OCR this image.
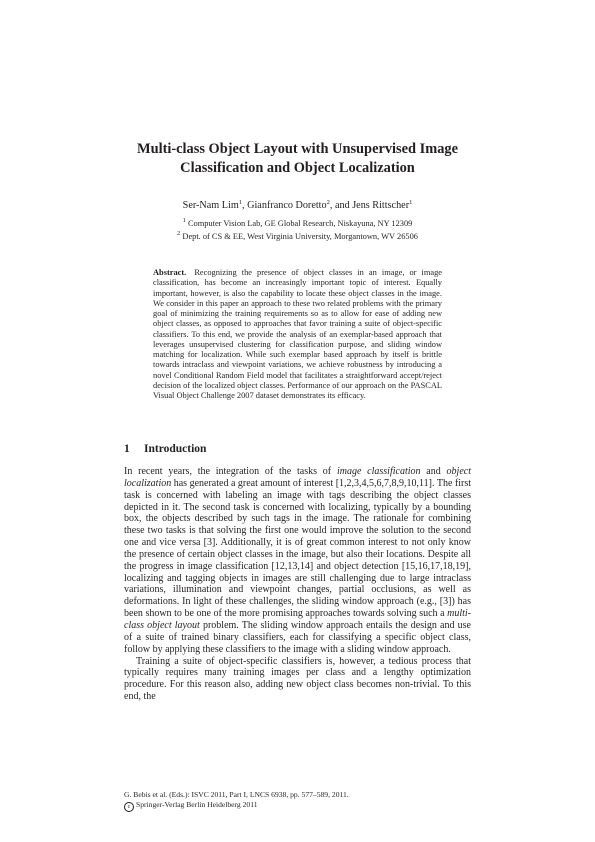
Multi-class Object Layout with Unsupervised Image
Classification and Object Localization
Ser-Nam Lim$^1$, Gianfranco Doretto$^2$, and Jens Rittscher$^1$
$^1$ Computer Vision Lab, GE Global Research, Niskayuna, NY 12309
$^2$ Dept. of CS & EE, West Virginia University, Morgantown, WV 26506
Abstract. Recognizing the presence of object classes in an image, or image classification, has become an increasingly important topic of interest. Equally important, however, is also the capability to locate these object classes in the image. We consider in this paper an approach to these two related problems with the primary goal of minimizing the training requirements so as to allow for ease of adding new object classes, as opposed to approaches that favor training a suite of object-specific classifiers. To this end, we provide the analysis of an exemplar-based approach that leverages unsupervised clustering for classification purpose, and sliding window matching for localization. While such exemplar based approach by itself is brittle towards intraclass and viewpoint variations, we achieve robustness by introducing a novel Conditional Random Field model that facilitates a straightforward accept/reject decision of the localized object classes. Performance of our approach on the PASCAL Visual Object Challenge 2007 dataset demonstrates its efficacy.
1 Introduction

In recent years, the integration of the tasks of image classification and object localization has generated a great amount of interest [1,2,3,4,5,6,7,8,9,10,11]. The first task is concerned with labeling an image with tags describing the object classes depicted in it. The second task is concerned with localizing, typically by a bounding box, the objects described by such tags in the image. The rationale for combining these two tasks is that solving the first one would improve the solution to the second one and vice versa [3]. Additionally, it is of great common interest to not only know the presence of certain object classes in the image, but also their locations. Despite all the progress in image classification [12,13,14] and object detection [15,16,17,18,19], localizing and tagging objects in images are still challenging due to large intraclass variations, illumination and viewpoint changes, partial occlusions, as well as deformations. In light of these challenges, the sliding window approach (e.g., [3]) has been shown to be one of the more promising approaches towards solving such a multi-class object layout problem. The sliding window approach entails the design and use of a suite of trained binary classifiers, each for classifying a specific object class, follow by applying these classifiers to the image with a sliding window approach.

Training a suite of object-specific classifiers is, however, a tedious process that typically requires many training images per class and a lengthy optimization procedure. For this reason also, adding new object class becomes non-trivial. To this end, the

G. Bebis et al. (Eds.): ISVC 2011, Part I, LNCS 6938, pp. 577–589, 2011.
c Springer-Verlag Berlin Heidelberg 2011
